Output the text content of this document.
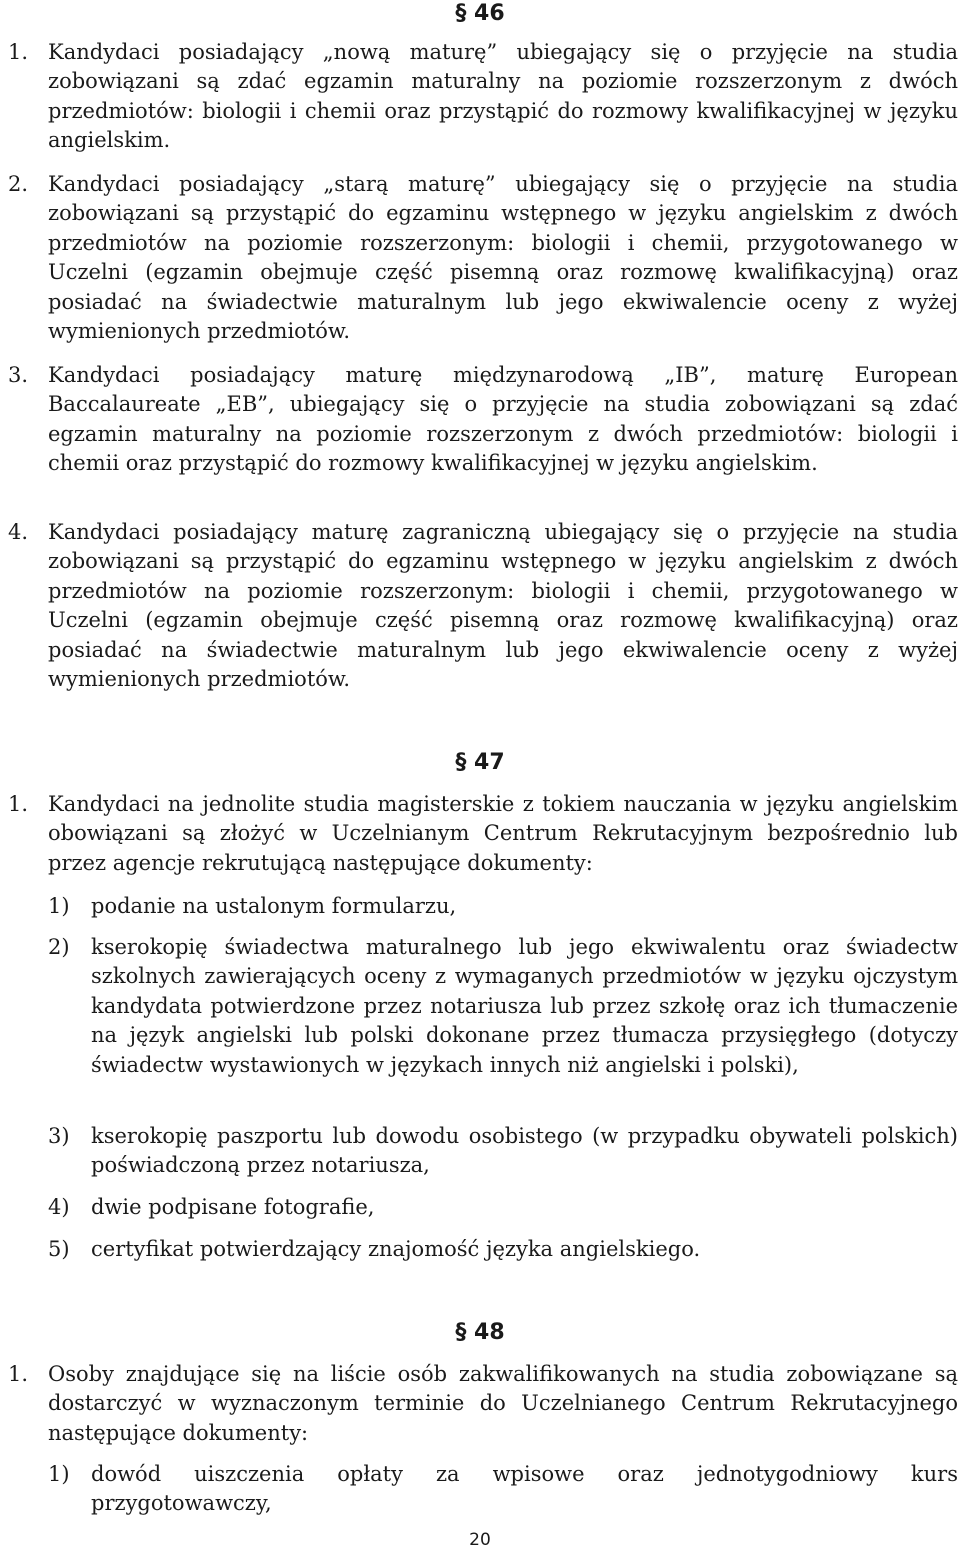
§ 46
1. Kandydaci posiadający „nową maturę” ubiegający się o przyjęcie na studia zobowiązani są zdać egzamin maturalny na poziomie rozszerzonym z dwóch przedmiotów: biologii i chemii oraz przystąpić do rozmowy kwalifikacyjnej w języku angielskim.
2. Kandydaci posiadający „starą maturę” ubiegający się o przyjęcie na studia zobowiązani są przystąpić do egzaminu wstępnego w języku angielskim z dwóch przedmiotów na poziomie rozszerzonym: biologii i chemii, przygotowanego w Uczelni (egzamin obejmuje część pisemną oraz rozmowę kwalifikacyjną) oraz posiadać na świadectwie maturalnym lub jego ekwiwalencie oceny z wyżej wymienionych przedmiotów.
3. Kandydaci posiadający maturę międzynarodową „IB”, maturę European Baccalaureate „EB”, ubiegający się o przyjęcie na studia zobowiązani są zdać egzamin maturalny na poziomie rozszerzonym z dwóch przedmiotów: biologii i chemii oraz przystąpić do rozmowy kwalifikacyjnej w języku angielskim.
4. Kandydaci posiadający maturę zagraniczną ubiegający się o przyjęcie na studia zobowiązani są przystąpić do egzaminu wstępnego w języku angielskim z dwóch przedmiotów na poziomie rozszerzonym: biologii i chemii, przygotowanego w Uczelni (egzamin obejmuje część pisemną oraz rozmowę kwalifikacyjną) oraz posiadać na świadectwie maturalnym lub jego ekwiwalencie oceny z wyżej wymienionych przedmiotów.
§ 47
1. Kandydaci na jednolite studia magisterskie z tokiem nauczania w języku angielskim obowiązani są złożyć w Uczelnianym Centrum Rekrutacyjnym bezpośrednio lub przez agencje rekrutującą następujące dokumenty:
1)	podanie na ustalonym formularzu,
2)	kserokopię świadectwa maturalnego lub jego ekwiwalentu oraz świadectw szkolnych zawierających oceny z wymaganych przedmiotów w języku ojczystym kandydata potwierdzone przez notariusza lub przez szkołę oraz ich tłumaczenie na język angielski lub polski dokonane przez tłumacza przysięgłego (dotyczy świadectw wystawionych w językach innych niż angielski i polski),
3)	kserokopię paszportu lub dowodu osobistego (w przypadku obywateli polskich) poświadczoną przez notariusza,
4)	dwie podpisane fotografie,
5)	certyfikat potwierdzający znajomość języka angielskiego.
§ 48
1. Osoby znajdujące się na liście osób zakwalifikowanych na studia zobowiązane są dostarczyć w wyznaczonym terminie do Uczelnianego Centrum Rekrutacyjnego następujące dokumenty:
1)	dowód uiszczenia opłaty za wpisowe oraz jednotygodniowy kurs przygotowawczy,
20
